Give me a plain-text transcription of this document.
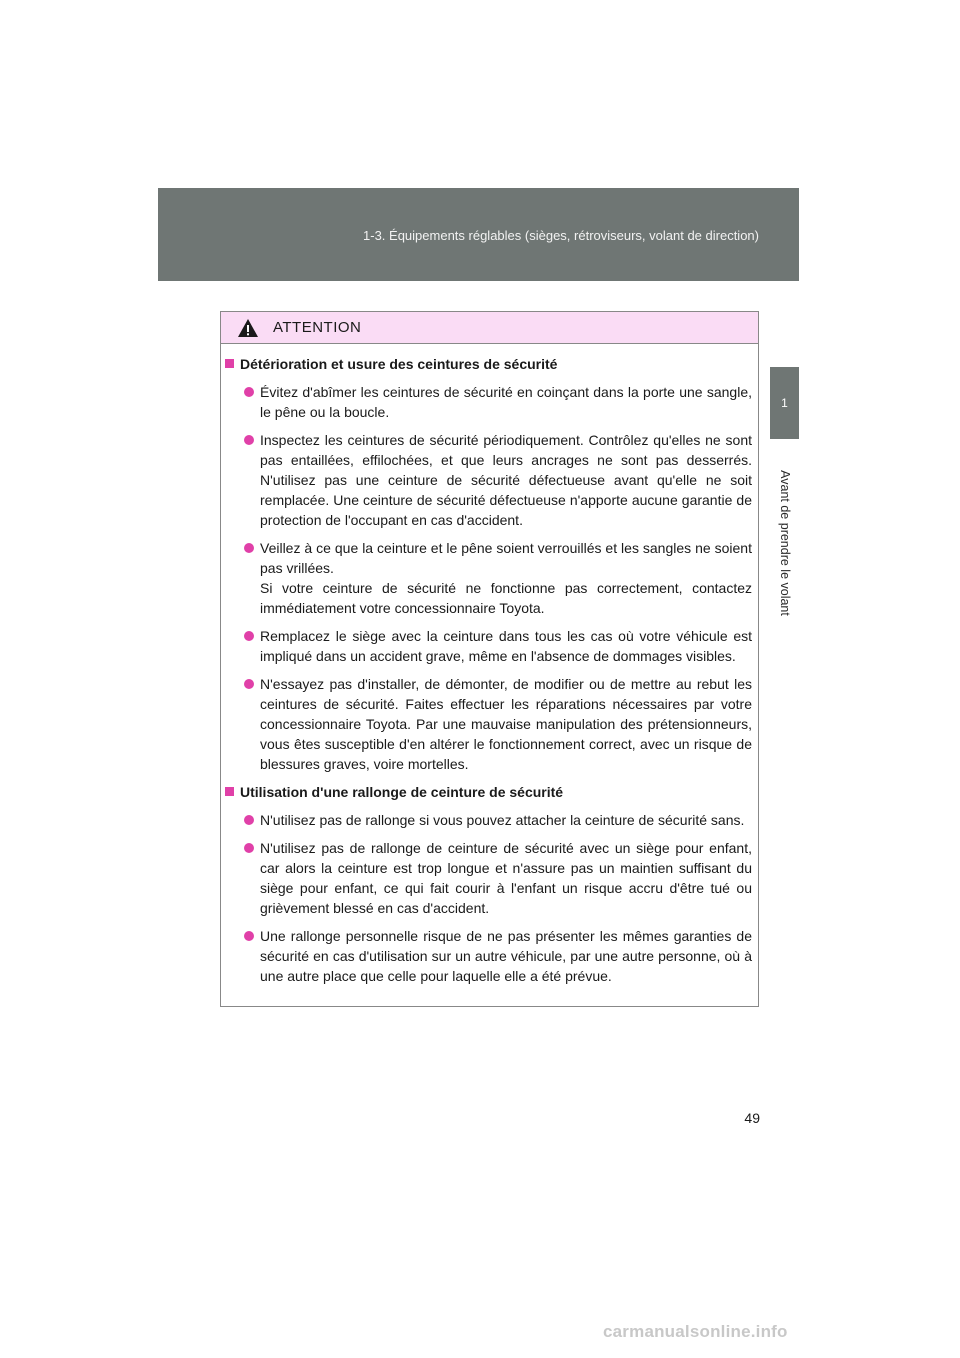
1-3. Équipements réglables (sièges, rétroviseurs, volant de direction)
1
Avant de prendre le volant
ATTENTION
Détérioration et usure des ceintures de sécurité
Évitez d'abîmer les ceintures de sécurité en coinçant dans la porte une sangle, le pêne ou la boucle.
Inspectez les ceintures de sécurité périodiquement. Contrôlez qu'elles ne sont pas entaillées, effilochées, et que leurs ancrages ne sont pas desserrés. N'utilisez pas une ceinture de sécurité défectueuse avant qu'elle ne soit remplacée. Une ceinture de sécurité défectueuse n'apporte aucune garantie de protection de l'occupant en cas d'accident.
Veillez à ce que la ceinture et le pêne soient verrouillés et les sangles ne soient pas vrillées.
Si votre ceinture de sécurité ne fonctionne pas correctement, contactez immédiatement votre concessionnaire Toyota.
Remplacez le siège avec la ceinture dans tous les cas où votre véhicule est impliqué dans un accident grave, même en l'absence de dommages visibles.
N'essayez pas d'installer, de démonter, de modifier ou de mettre au rebut les ceintures de sécurité. Faites effectuer les réparations nécessaires par votre concessionnaire Toyota. Par une mauvaise manipulation des prétensionneurs, vous êtes susceptible d'en altérer le fonctionnement correct, avec un risque de blessures graves, voire mortelles.
Utilisation d'une rallonge de ceinture de sécurité
N'utilisez pas de rallonge si vous pouvez attacher la ceinture de sécurité sans.
N'utilisez pas de rallonge de ceinture de sécurité avec un siège pour enfant, car alors la ceinture est trop longue et n'assure pas un maintien suffisant du siège pour enfant, ce qui fait courir à l'enfant un risque accru d'être tué ou grièvement blessé en cas d'accident.
Une rallonge personnelle risque de ne pas présenter les mêmes garanties de sécurité en cas d'utilisation sur un autre véhicule, par une autre personne, où à une autre place que celle pour laquelle elle a été prévue.
49
carmanualsonline.info
